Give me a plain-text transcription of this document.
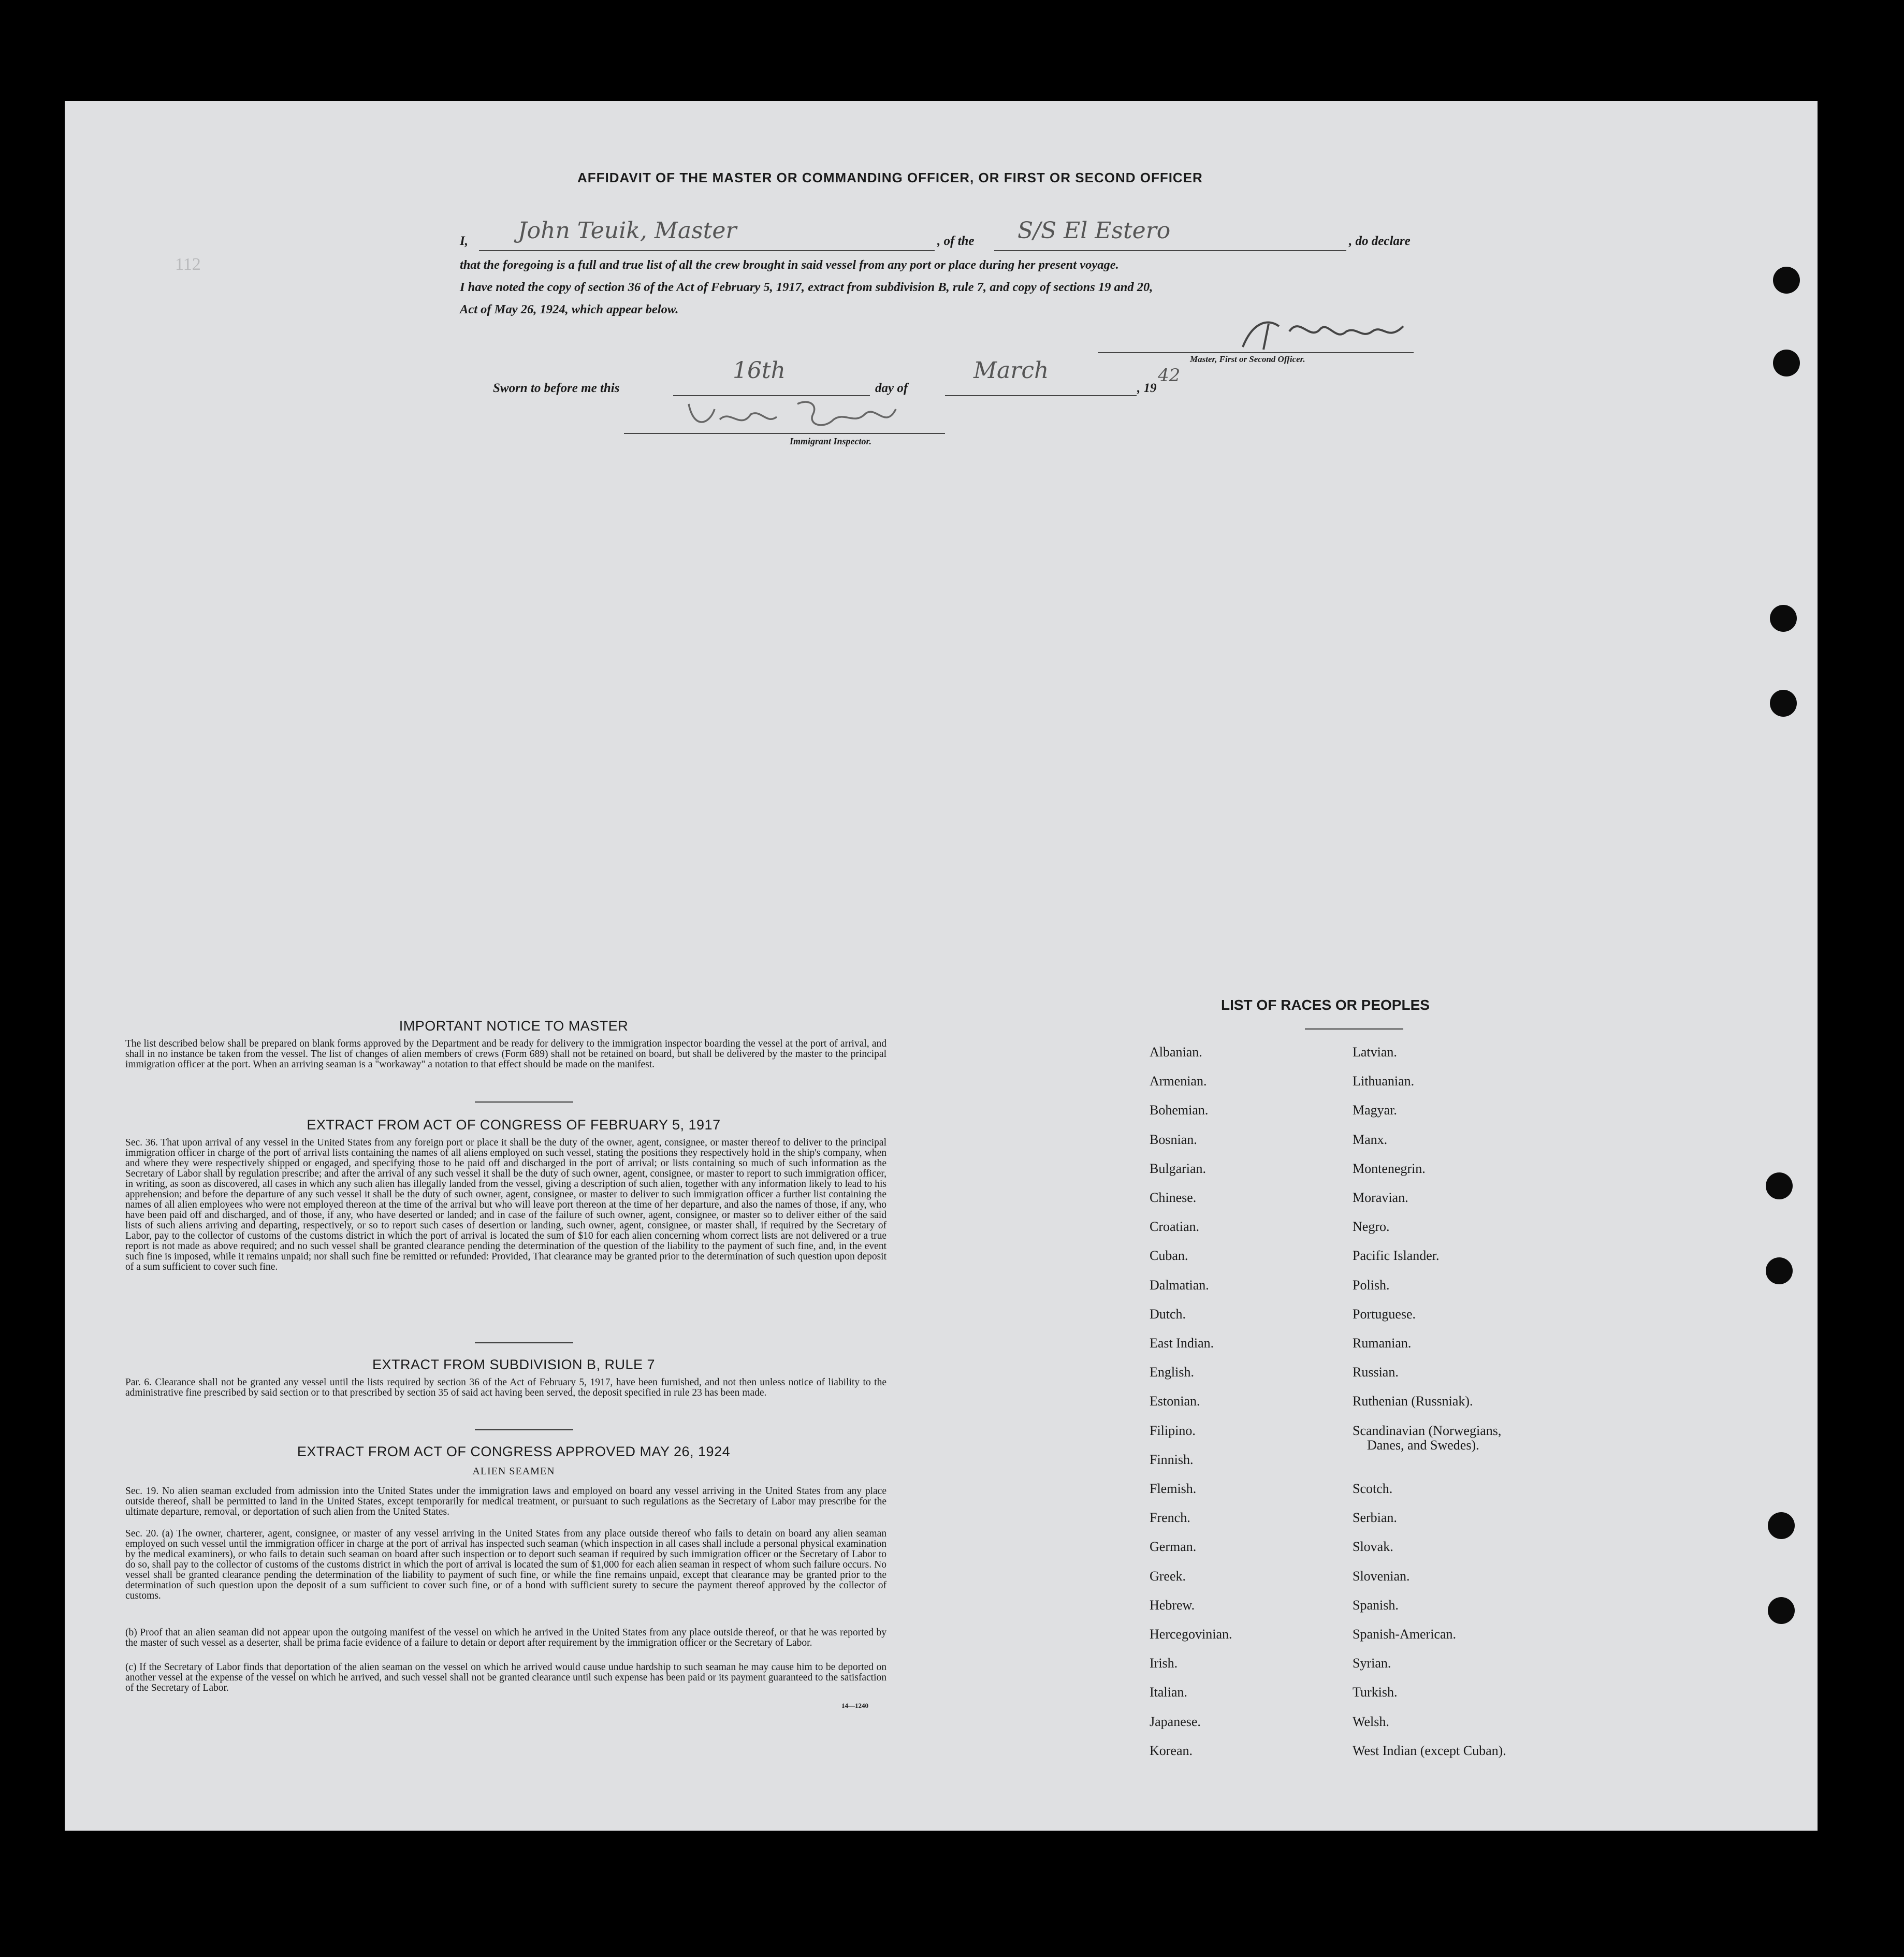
112
AFFIDAVIT OF THE MASTER OR COMMANDING OFFICER, OR FIRST OR SECOND OFFICER
I, John Teuik, Master	, of the S/S El Estero	, do declare
that the foregoing is a full and true list of all the crew brought in said vessel from any port or place during her present voyage.
I have noted the copy of section 36 of the Act of February 5, 1917, extract from subdivision B, rule 7, and copy of sections 19 and 20,
Act of May 26, 1924, which appear below.
Master, First or Second Officer.
Sworn to before me this
16th
day of
March
, 19
42
Immigrant Inspector.
IMPORTANT NOTICE TO MASTER
The list described below shall be prepared on blank forms approved by the Department and be ready for delivery to the immigration inspector boarding the vessel at the port of arrival, and shall in no instance be taken from the vessel. The list of changes of alien members of crews (Form 689) shall not be retained on board, but shall be delivered by the master to the principal immigration officer at the port. When an arriving seaman is a "workaway" a notation to that effect should be made on the manifest.
EXTRACT FROM ACT OF CONGRESS OF FEBRUARY 5, 1917
Sec. 36. That upon arrival of any vessel in the United States from any foreign port or place it shall be the duty of the owner, agent, consignee, or master thereof to deliver to the principal immigration officer in charge of the port of arrival lists containing the names of all aliens employed on such vessel, stating the positions they respectively hold in the ship's company, when and where they were respectively shipped or engaged, and specifying those to be paid off and discharged in the port of arrival; or lists containing so much of such information as the Secretary of Labor shall by regulation prescribe; and after the arrival of any such vessel it shall be the duty of such owner, agent, consignee, or master to report to such immigration officer, in writing, as soon as discovered, all cases in which any such alien has illegally landed from the vessel, giving a description of such alien, together with any information likely to lead to his apprehension; and before the departure of any such vessel it shall be the duty of such owner, agent, consignee, or master to deliver to such immigration officer a further list containing the names of all alien employees who were not employed thereon at the time of the arrival but who will leave port thereon at the time of her departure, and also the names of those, if any, who have been paid off and discharged, and of those, if any, who have deserted or landed; and in case of the failure of such owner, agent, consignee, or master so to deliver either of the said lists of such aliens arriving and departing, respectively, or so to report such cases of desertion or landing, such owner, agent, consignee, or master shall, if required by the Secretary of Labor, pay to the collector of customs of the customs district in which the port of arrival is located the sum of $10 for each alien concerning whom correct lists are not delivered or a true report is not made as above required; and no such vessel shall be granted clearance pending the determination of the question of the liability to the payment of such fine, and, in the event such fine is imposed, while it remains unpaid; nor shall such fine be remitted or refunded: Provided, That clearance may be granted prior to the determination of such question upon deposit of a sum sufficient to cover such fine.
EXTRACT FROM SUBDIVISION B, RULE 7
Par. 6. Clearance shall not be granted any vessel until the lists required by section 36 of the Act of February 5, 1917, have been furnished, and not then unless notice of liability to the administrative fine prescribed by said section or to that prescribed by section 35 of said act having been served, the deposit specified in rule 23 has been made.
EXTRACT FROM ACT OF CONGRESS APPROVED MAY 26, 1924
ALIEN SEAMEN
Sec. 19. No alien seaman excluded from admission into the United States under the immigration laws and employed on board any vessel arriving in the United States from any place outside thereof, shall be permitted to land in the United States, except temporarily for medical treatment, or pursuant to such regulations as the Secretary of Labor may prescribe for the ultimate departure, removal, or deportation of such alien from the United States.
Sec. 20. (a) The owner, charterer, agent, consignee, or master of any vessel arriving in the United States from any place outside thereof who fails to detain on board any alien seaman employed on such vessel until the immigration officer in charge at the port of arrival has inspected such seaman (which inspection in all cases shall include a personal physical examination by the medical examiners), or who fails to detain such seaman on board after such inspection or to deport such seaman if required by such immigration officer or the Secretary of Labor to do so, shall pay to the collector of customs of the customs district in which the port of arrival is located the sum of $1,000 for each alien seaman in respect of whom such failure occurs. No vessel shall be granted clearance pending the determination of the liability to payment of such fine, or while the fine remains unpaid, except that clearance may be granted prior to the determination of such question upon the deposit of a sum sufficient to cover such fine, or of a bond with sufficient surety to secure the payment thereof approved by the collector of customs.
(b) Proof that an alien seaman did not appear upon the outgoing manifest of the vessel on which he arrived in the United States from any place outside thereof, or that he was reported by the master of such vessel as a deserter, shall be prima facie evidence of a failure to detain or deport after requirement by the immigration officer or the Secretary of Labor.
(c) If the Secretary of Labor finds that deportation of the alien seaman on the vessel on which he arrived would cause undue hardship to such seaman he may cause him to be deported on another vessel at the expense of the vessel on which he arrived, and such vessel shall not be granted clearance until such expense has been paid or its payment guaranteed to the satisfaction of the Secretary of Labor.
14—1240
LIST OF RACES OR PEOPLES
Albanian.
Armenian.
Bohemian.
Bosnian.
Bulgarian.
Chinese.
Croatian.
Cuban.
Dalmatian.
Dutch.
East Indian.
English.
Estonian.
Filipino.
Finnish.
Flemish.
French.
German.
Greek.
Hebrew.
Hercegovinian.
Irish.
Italian.
Japanese.
Korean.
Latvian.
Lithuanian.
Magyar.
Manx.
Montenegrin.
Moravian.
Negro.
Pacific Islander.
Polish.
Portuguese.
Rumanian.
Russian.
Ruthenian (Russniak).
Scandinavian (Norwegians,
Danes, and Swedes).
Scotch.
Serbian.
Slovak.
Slovenian.
Spanish.
Spanish-American.
Syrian.
Turkish.
Welsh.
West Indian (except Cuban).
